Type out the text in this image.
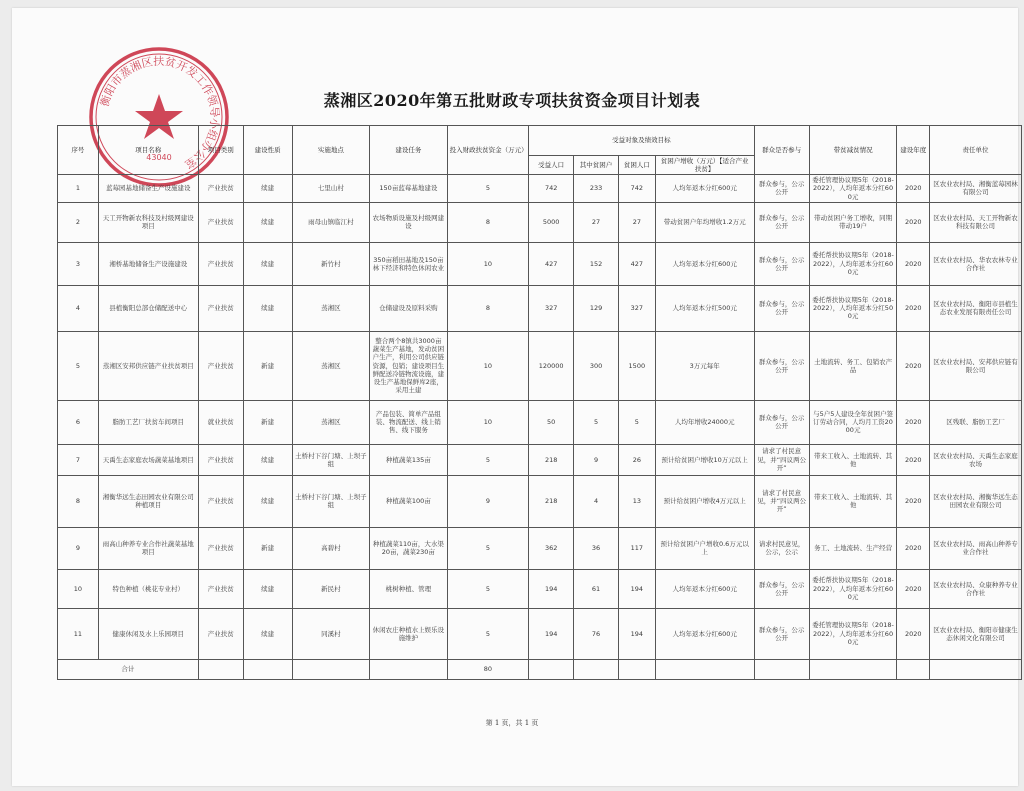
衡阳市蒸湘区扶贫开发工作领导小组办公室
43040
蒸湘区2020年第五批财政专项扶贫资金项目计划表
序号	项目名称	项目类别	建设性质	实施地点	建设任务	投入财政扶贫资金（万元）	受益对象及绩效目标				群众是否参与	带贫减贫情况	建设年度	责任单位
							受益人口	其中贫困户	贫困人口	贫困户增收（万元）【适合产业扶贫】				
1	蓝莓园基地储备生产设施建设	产业扶贫	续建	七里山村	150亩蓝莓基地建设	5	742	233	742	人均年返本分红600元	群众参与，公示公开	委托管理协议期5年（2018-2022），人均年返本分红600元	2020	区农业农村局、湘衡蓝莓园林有限公司
2	天工开物新农科技及村级网建设项目	产业扶贫	续建	雨母山镇临江村	农场物质设施及村级网建设	8	5000	27	27	带动贫困户年均增收1.2万元	群众参与，公示公开	带动贫困户务工增收，同期带动19户	2020	区农业农村局、天工开物新农科技有限公司
3	湘桥基地储备生产设施建设	产业扶贫	续建	新竹村	350亩稻田基地及150亩林下经济和特色休闲农业	10	427	152	427	人均年返本分红600元	群众参与，公示公开	委托帮扶协议期5年（2018-2022），人均年返本分红600元	2020	区农业农村局、华农农林专业合作社
4	县植衡阳总部仓储配送中心	产业扶贫	续建	蒸湘区	仓储建设及原料采购	8	327	129	327	人均年返本分红500元	群众参与，公示公开	委托帮扶协议期5年（2018-2022），人均年返本分红500元	2020	区农业农村局、衡阳市县植生态农业发展有限责任公司
5	蒸湘区安邦供应链产业扶贫项目	产业扶贫	新建	蒸湘区	整合两个8镇共3000亩蔬菜生产基地，发动贫困户生产，利用公司供应链资源，包销；建设项目生鲜配送冷链物流设施，建设生产基地保鲜库2座，采用土建	10	120000	300	1500	3万元每年	群众参与，公示公开	土地流转、务工、包销农产品	2020	区农业农村局、安邦供应链有限公司
6	脂肪工艺厂扶贫车间项目	就业扶贫	新建	蒸湘区	产品包装、简单产品组装、物流配送、线上销售、线下服务	10	50	5	5	人均年增收24000元	群众参与，公示公开	与5户5人建设全年贫困户签订劳动合同，人均月工资2000元	2020	区残联、脂肪工艺厂
7	天禹生态家庭农场蔬菜基地项目	产业扶贫	续建	土桥村下谷门塘、上坝子组	种植蔬菜135亩	5	218	9	26	预计给贫困户增收10万元以上	请求了村民意见，并“四议两公开”	带来工收入、土地流转、其他	2020	区农业农村局、天禹生态家庭农场
8	湘衡华远生态田园农业有限公司种植项目	产业扶贫	续建	土桥村下谷门塘、上坝子组	种植蔬菜100亩	9	218	4	13	预计给贫困户增收4万元以上	请求了村民意见，并“四议两公开”	带来工收入、土地流转、其他	2020	区农业农村局、湘衡华远生态田园农业有限公司
9	雨高山种养专业合作社蔬菜基地项目	产业扶贫	新建	高碧村	种植蔬菜110亩，大水渠20亩，蔬菜230亩	5	362	36	117	预计给贫困户户增收0.6万元以上	请求村民意见，公示，公示	务工、土地流转、生产经营	2020	区农业农村局、雨高山种养专业合作社
10	特色种植（桃花专业村）	产业扶贫	续建	新民村	桃树种植、管理	5	194	61	194	人均年返本分红600元	群众参与，公示公开	委托帮扶协议期5年（2018-2022），人均年返本分红600元	2020	区农业农村局、众康种养专业合作社
11	健康休闲及水上乐园项目	产业扶贫	续建	同溪村	休闲农庄种植水上娱乐设施维护	5	194	76	194	人均年返本分红600元	群众参与，公示公开	委托管理协议期5年（2018-2022），人均年返本分红600元	2020	区农业农村局、衡阳市健康生态休闲文化有限公司
合计						80								
第 1 页，共 1 页
